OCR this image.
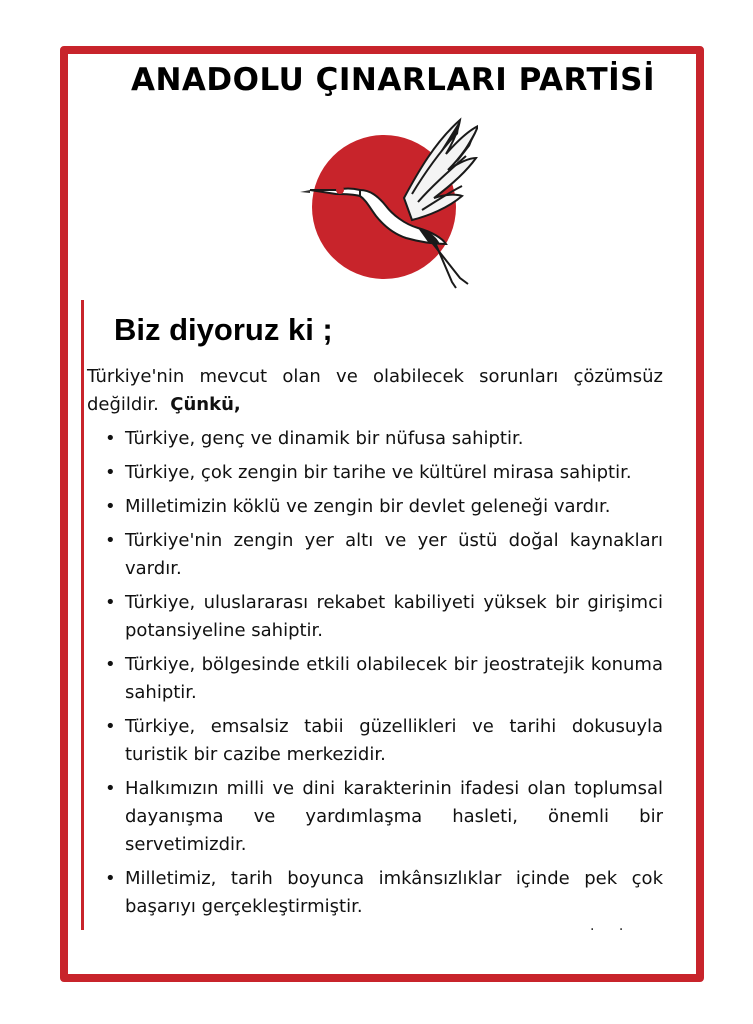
ANADOLU ÇINARLARI PARTİSİ
Biz diyoruz ki ;

Türkiye'nin mevcut olan ve olabilecek sorunları çözümsüz değildir. Çünkü,

• Türkiye, genç ve dinamik bir nüfusa sahiptir.
• Türkiye, çok zengin bir tarihe ve kültürel mirasa sahiptir.
• Milletimizin köklü ve zengin bir devlet geleneği vardır.
• Türkiye'nin zengin yer altı ve yer üstü doğal kaynakları vardır.
• Türkiye, uluslararası rekabet kabiliyeti yüksek bir girişimci potansiyeline sahiptir.
• Türkiye, bölgesinde etkili olabilecek bir jeostratejik konuma sahiptir.
• Türkiye, emsalsiz tabii güzellikleri ve tarihi dokusuyla turistik bir cazibe merkezidir.
• Halkımızın milli ve dini karakterinin ifadesi olan toplumsal dayanışma ve yardımlaşma hasleti, önemli bir servetimizdir.
• Milletimiz, tarih boyunca imkânsızlıklar içinde pek çok başarıyı gerçekleştirmiştir.
. .
